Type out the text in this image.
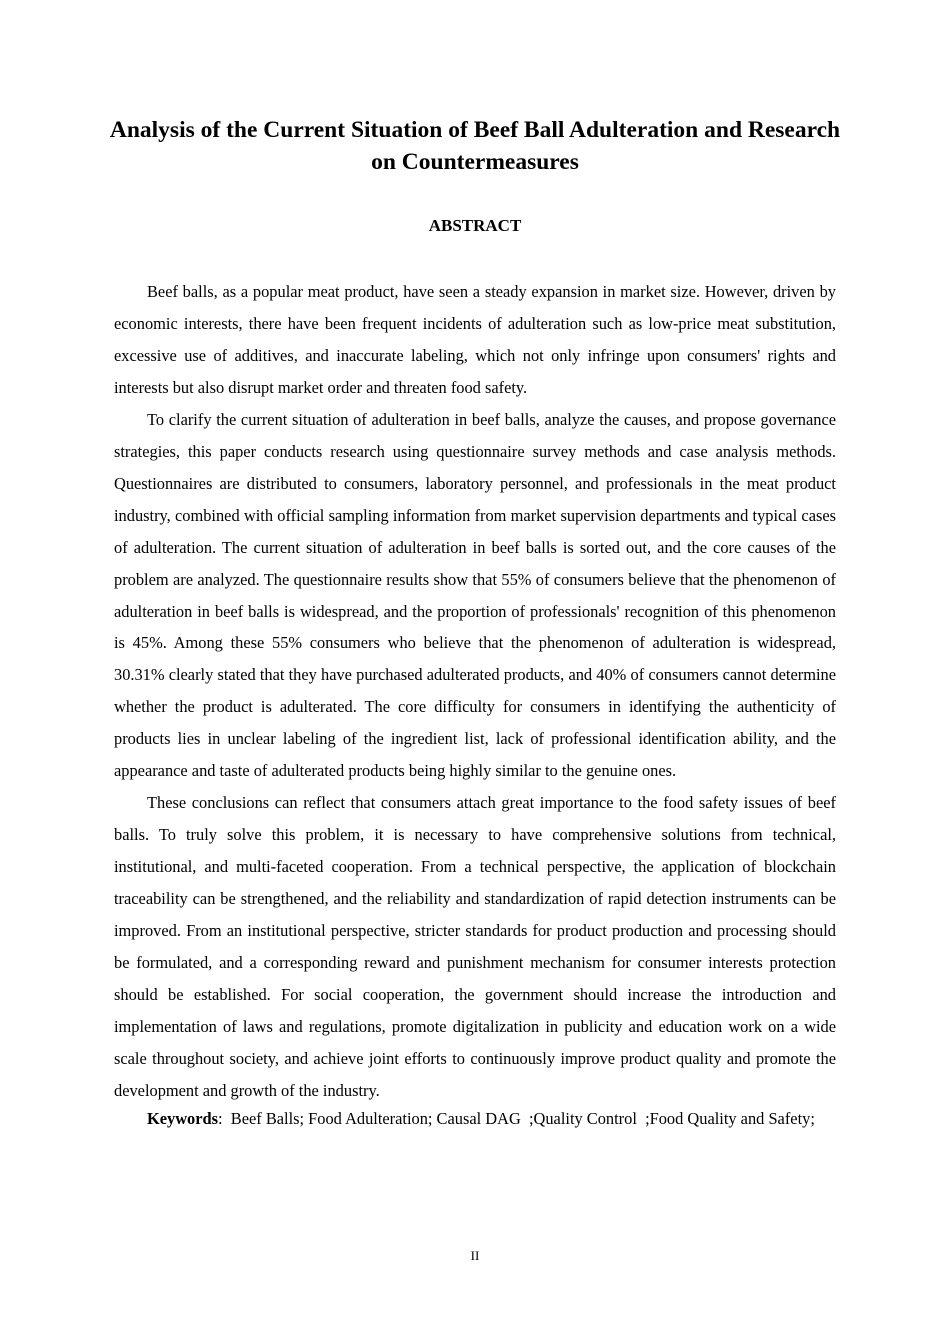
Analysis of the Current Situation of Beef Ball Adulteration and Research on Countermeasures
ABSTRACT

Beef balls, as a popular meat product, have seen a steady expansion in market size. However, driven by economic interests, there have been frequent incidents of adulteration such as low-price meat substitution, excessive use of additives, and inaccurate labeling, which not only infringe upon consumers' rights and interests but also disrupt market order and threaten food safety.

To clarify the current situation of adulteration in beef balls, analyze the causes, and propose governance strategies, this paper conducts research using questionnaire survey methods and case analysis methods. Questionnaires are distributed to consumers, laboratory personnel, and professionals in the meat product industry, combined with official sampling information from market supervision departments and typical cases of adulteration. The current situation of adulteration in beef balls is sorted out, and the core causes of the problem are analyzed. The questionnaire results show that 55% of consumers believe that the phenomenon of adulteration in beef balls is widespread, and the proportion of professionals' recognition of this phenomenon is 45%. Among these 55% consumers who believe that the phenomenon of adulteration is widespread, 30.31% clearly stated that they have purchased adulterated products, and 40% of consumers cannot determine whether the product is adulterated. The core difficulty for consumers in identifying the authenticity of products lies in unclear labeling of the ingredient list, lack of professional identification ability, and the appearance and taste of adulterated products being highly similar to the genuine ones.

These conclusions can reflect that consumers attach great importance to the food safety issues of beef balls. To truly solve this problem, it is necessary to have comprehensive solutions from technical, institutional, and multi-faceted cooperation. From a technical perspective, the application of blockchain traceability can be strengthened, and the reliability and standardization of rapid detection instruments can be improved. From an institutional perspective, stricter standards for product production and processing should be formulated, and a corresponding reward and punishment mechanism for consumer interests protection should be established. For social cooperation, the government should increase the introduction and implementation of laws and regulations, promote digitalization in publicity and education work on a wide scale throughout society, and achieve joint efforts to continuously improve product quality and promote the development and growth of the industry.

Keywords:  Beef Balls; Food Adulteration; Causal DAG  ;Quality Control  ;Food Quality and Safety;

II
